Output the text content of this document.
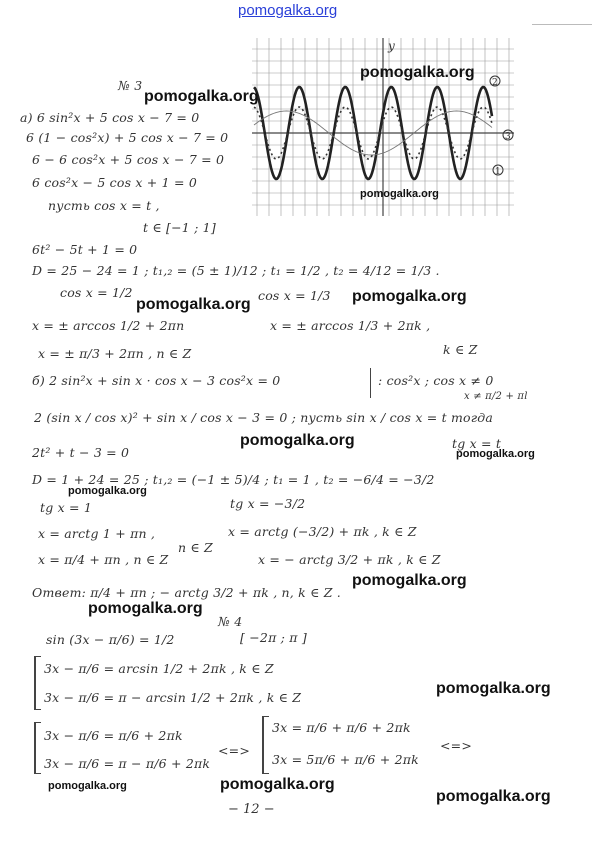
pomogalka.org
y
2
3
1
№ 3
а) 6 sin²x + 5 cos x − 7 = 0
6 (1 − cos²x) + 5 cos x − 7 = 0
6 − 6 cos²x + 5 cos x − 7 = 0
6 cos²x − 5 cos x + 1 = 0
пусть cos x = t ,
t ∈ [−1 ; 1]
6t² − 5t + 1 = 0
D = 25 − 24 = 1 ; t₁,₂ = (5 ± 1)/12 ; t₁ = 1/2 , t₂ = 4/12 = 1/3 .
cos x = 1/2	cos x = 1/3
x = ± arccos 1/2 + 2πn	x = ± arccos 1/3 + 2πk ,
x = ± π/3 + 2πn , n ∈ Z	k ∈ Z
б) 2 sin²x + sin x · cos x − 3 cos²x = 0	: cos²x ; cos x ≠ 0
x ≠ π/2 + πl
2 (sin x / cos x)² + sin x / cos x − 3 = 0 ; пусть sin x / cos x = t тогда
tg x = t
2t² + t − 3 = 0
D = 1 + 24 = 25 ; t₁,₂ = (−1 ± 5)/4 ; t₁ = 1 , t₂ = −6/4 = −3/2
tg x = 1	tg x = −3/2
x = arctg 1 + πn ,	x = arctg (−3/2) + πk , k ∈ Z
n ∈ Z
x = π/4 + πn , n ∈ Z	x = − arctg 3/2 + πk , k ∈ Z
Ответ: π/4 + πn ; − arctg 3/2 + πk , n, k ∈ Z .
№ 4
sin (3x − π/6) = 1/2	[ −2π ; π ]
3x − π/6 = arcsin 1/2 + 2πk , k ∈ Z
3x − π/6 = π − arcsin 1/2 + 2πk , k ∈ Z
3x − π/6 = π/6 + 2πk
3x − π/6 = π − π/6 + 2πk
<=>
3x = π/6 + π/6 + 2πk
3x = 5π/6 + π/6 + 2πk
<=>
− 12 −
pomogalka.org
pomogalka.org
pomogalka.org
pomogalka.org	pomogalka.org
pomogalka.org
pomogalka.org
pomogalka.org
pomogalka.org
pomogalka.org
pomogalka.org
pomogalka.org
pomogalka.org
pomogalka.org
